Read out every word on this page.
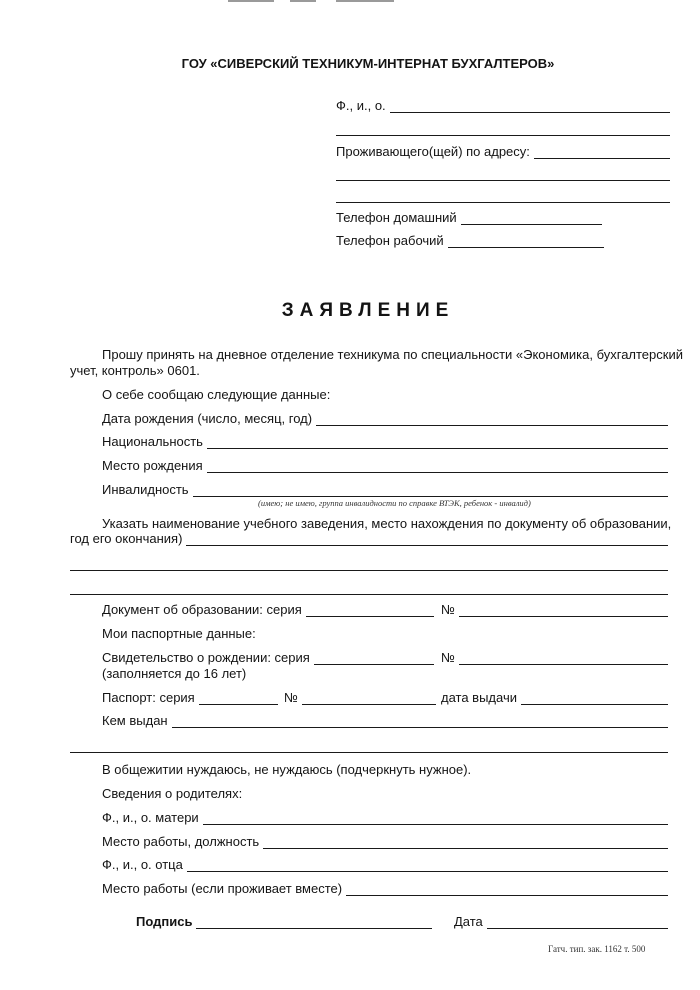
ГОУ «СИВЕРСКИЙ ТЕХНИКУМ-ИНТЕРНАТ БУХГАЛТЕРОВ»
Ф., и., о.
Проживающего(щей) по адресу:
Телефон домашний
Телефон рабочий
ЗАЯВЛЕНИЕ
Прошу принять на дневное отделение техникума по специальности «Экономика, бухгалтерский
учет, контроль» 0601.
О себе сообщаю следующие данные:
Дата рождения (число, месяц, год)
Национальность
Место рождения
Инвалидность
(имею; не имею, группа инвалидности по справке ВТЭК, ребенок - инвалид)
Указать наименование учебного заведения, место нахождения по документу об образовании,
год его окончания)
Документ об образовании: серия	№
Мои паспортные данные:
Свидетельство о рождении: серия	№
(заполняется до 16 лет)
Паспорт: серия	№	дата выдачи
Кем выдан
В общежитии нуждаюсь, не нуждаюсь (подчеркнуть нужное).
Сведения о родителях:
Ф., и., о. матери
Место работы, должность
Ф., и., о. отца
Место работы (если проживает вместе)
Подпись	Дата
Гатч. тип. зак. 1162 т. 500
